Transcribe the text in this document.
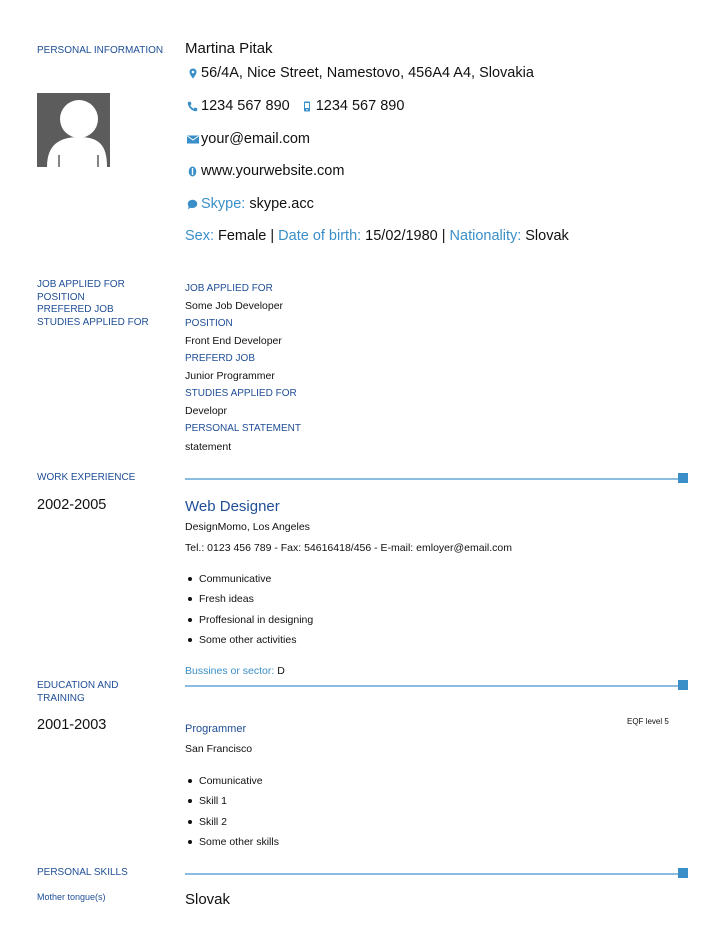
PERSONAL INFORMATION Martina Pitak
56/4A, Nice Street, Namestovo, 456A4 A4, Slovakia
1234 567 890 1234 567 890
your@email.com
www.yourwebsite.com
Skype: skype.acc
Sex: Female | Date of birth: 15/02/1980 | Nationality: Slovak
JOB APPLIED FOR
POSITION
PREFERED JOB
STUDIES APPLIED FOR
JOB APPLIED FOR
Some Job Developer
POSITION
Front End Developer
PREFERD JOB
Junior Programmer
STUDIES APPLIED FOR
Developr
PERSONAL STATEMENT
statement
WORK EXPERIENCE
2002-2005	Web Designer
DesignMomo, Los Angeles
Tel.: 0123 456 789 - Fax: 54616418/456 - E-mail: emloyer@email.com
Communicative
Fresh ideas
Proffesional in designing
Some other activities
Bussines or sector: D
EDUCATION AND TRAINING
2001-2003	Programmer
EQF level 5
San Francisco
Comunicative
Skill 1
Skill 2
Some other skills
PERSONAL SKILLS
Mother tongue(s)	Slovak
